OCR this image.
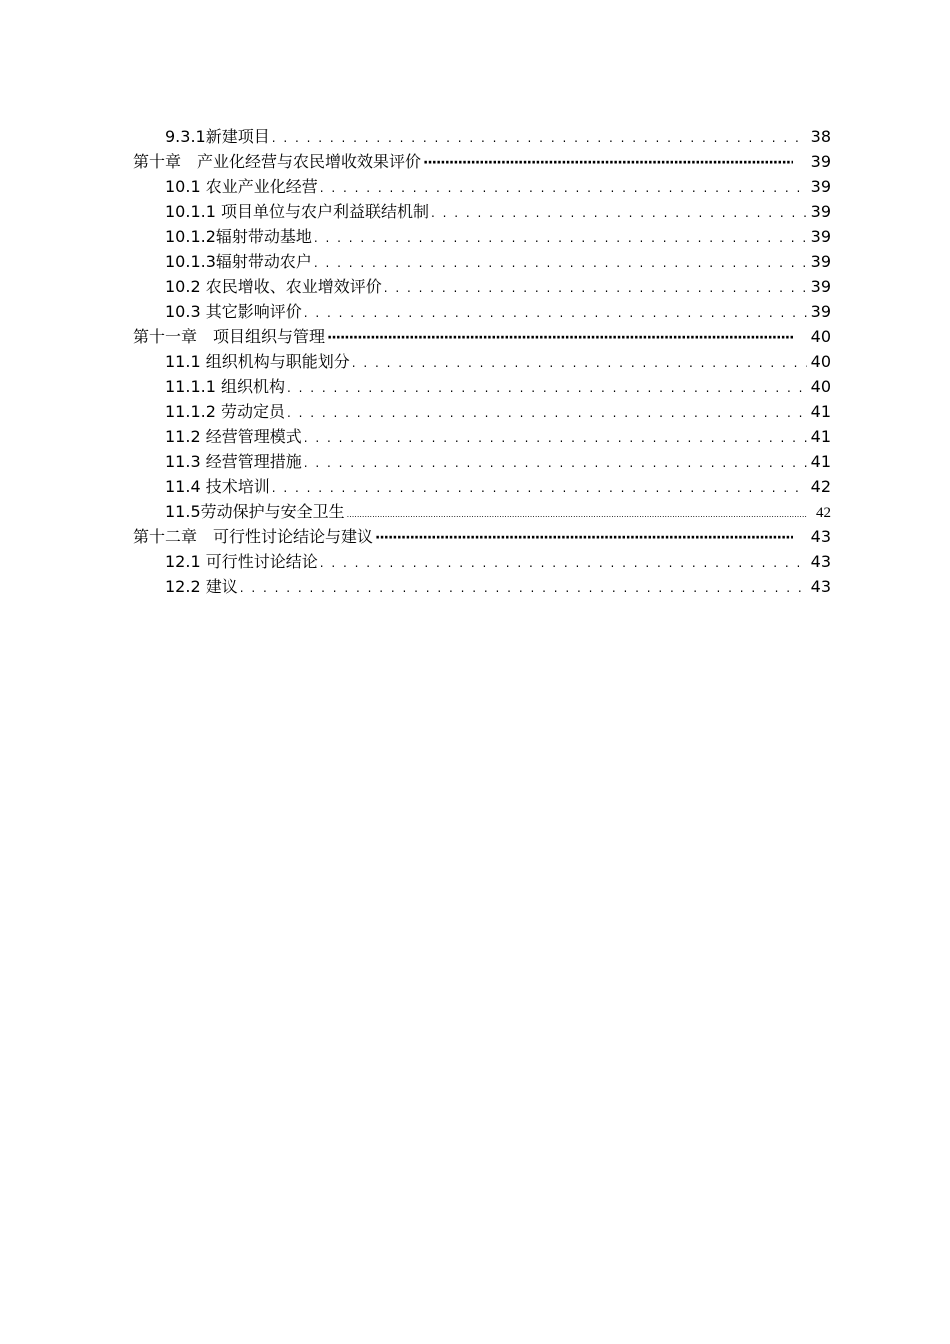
9.3.1新建项目 . . .	38
第十章　产业化经营与农民增收效果评价 ·····	39
10.1 农业产业化经营 . . .	39
10.1.1 项目单位与农户利益联结机制 . . .	39
10.1.2辐射带动基地 . . .	39
10.1.3辐射带动农户 . . .	39
10.2 农民增收、农业增效评价 . . .	39
10.3 其它影响评价 . . .	39
第十一章　项目组织与管理 ·····	40
11.1 组织机构与职能划分 . . .	40
11.1.1 组织机构 . . .	40
11.1.2 劳动定员 . . .	41
11.2 经营管理模式 . . .	41
11.3 经营管理措施 . . .	41
11.4 技术培训 . . .	42
11.5劳动保护与安全卫生 .....	42
第十二章　可行性讨论结论与建议 ·····	43
12.1 可行性讨论结论 . . .	43
12.2 建议 . . .	43
